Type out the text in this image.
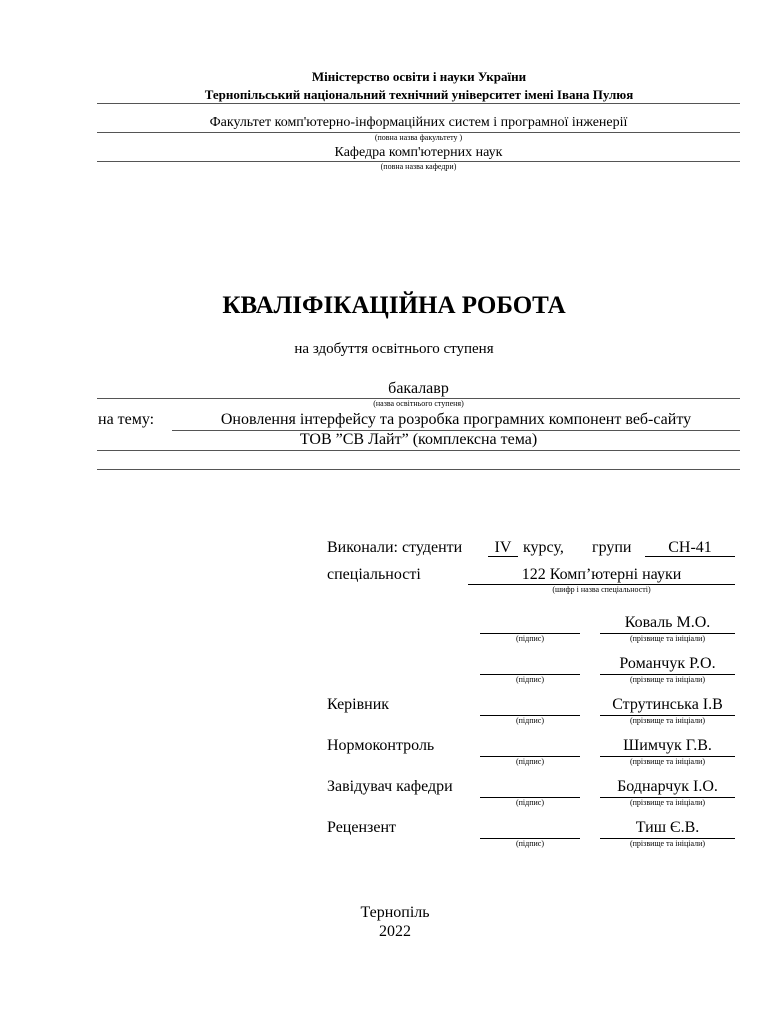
Міністерство освіти і науки України
Тернопільський національний технічний університет імені Івана Пулюя
Факультет комп'ютерно-інформаційних систем і програмної інженерії
(повна назва факультету )
Кафедра комп'ютерних наук
(повна назва кафедри)
КВАЛІФІКАЦІЙНА РОБОТА
на здобуття освітнього ступеня
бакалавр
(назва освітнього ступеня)
на тему:	Оновлення інтерфейсу та розробка програмних компонент веб-сайту
ТОВ ”СВ Лайт” (комплексна тема)
Виконали: студенти IV курсу, групи	СН-41
спеціальності	122 Комп’ютерні науки
(шифр і назва спеціальності)
Коваль М.О.
(підпис)	(прізвище та ініціали)
Романчук Р.О.
(підпис)	(прізвище та ініціали)
Керівник	Струтинська І.В
(підпис)	(прізвище та ініціали)
Нормоконтроль	Шимчук Г.В.
(підпис)	(прізвище та ініціали)
Завідувач кафедри	Боднарчук І.О.
(підпис)	(прізвище та ініціали)
Рецензент	Тиш Є.В.
(підпис)	(прізвище та ініціали)
Тернопіль
2022
